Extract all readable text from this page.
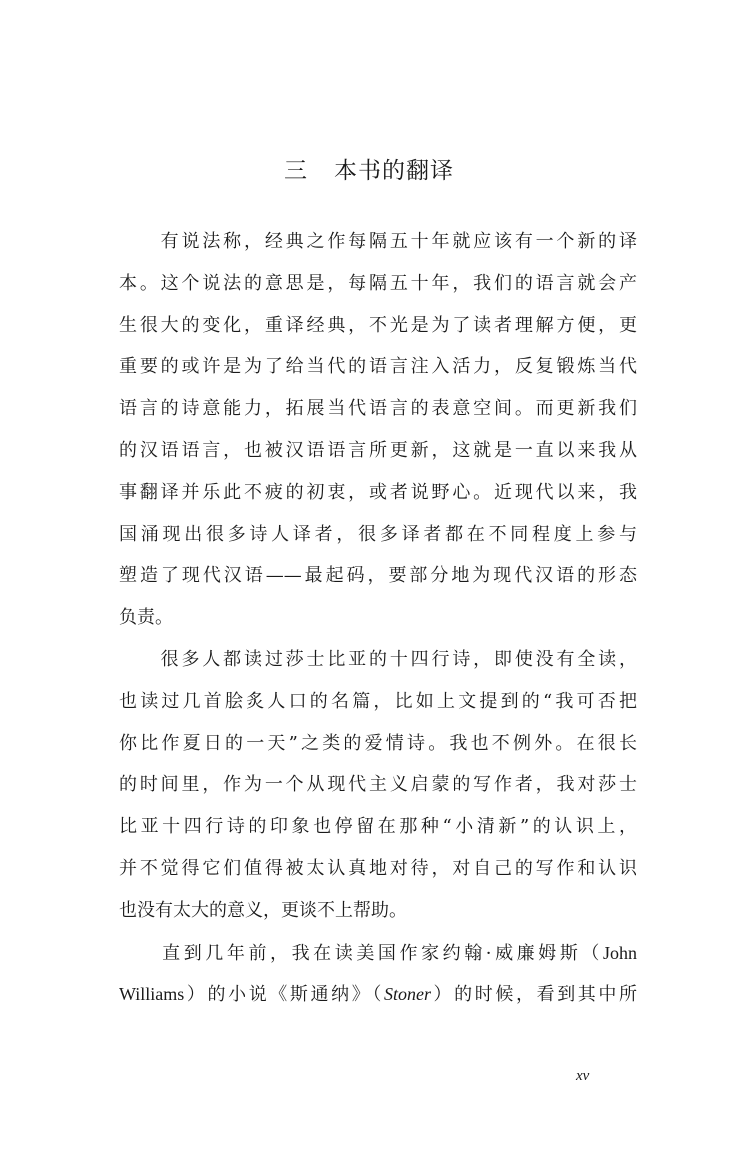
三 本书的翻译
　　有说法称，经典之作每隔五十年就应该有一个新的译
本。这个说法的意思是，每隔五十年，我们的语言就会产
生很大的变化，重译经典，不光是为了读者理解方便，更
重要的或许是为了给当代的语言注入活力，反复锻炼当代
语言的诗意能力，拓展当代语言的表意空间。而更新我们
的汉语语言，也被汉语语言所更新，这就是一直以来我从
事翻译并乐此不疲的初衷，或者说野心。近现代以来，我
国涌现出很多诗人译者，很多译者都在不同程度上参与
塑造了现代汉语——最起码，要部分地为现代汉语的形态
负责。
　　很多人都读过莎士比亚的十四行诗，即使没有全读，
也读过几首脍炙人口的名篇，比如上文提到的“我可否把
你比作夏日的一天”之类的爱情诗。我也不例外。在很长
的时间里，作为一个从现代主义启蒙的写作者，我对莎士
比亚十四行诗的印象也停留在那种“小清新”的认识上，
并不觉得它们值得被太认真地对待，对自己的写作和认识
也没有太大的意义，更谈不上帮助。
　　直到几年前，我在读美国作家约翰·威廉姆斯（John
Williams）的小说《斯通纳》（Stoner）的时候，看到其中所
xv
